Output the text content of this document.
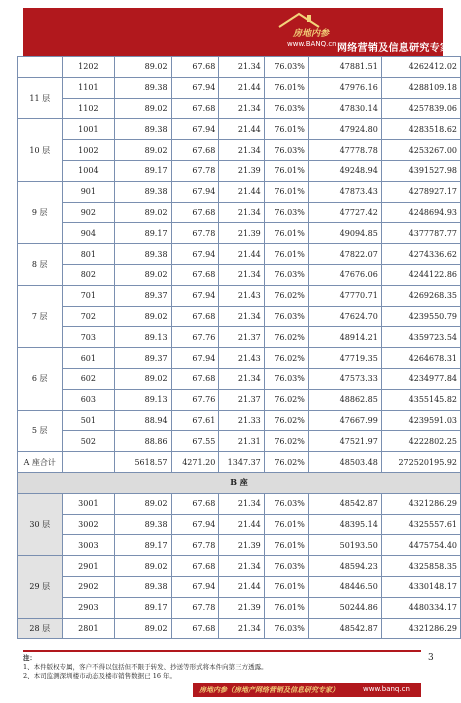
房地内参
www.BANQ.cn 网络营销及信息研究专家
	1202	89.02	67.68	21.34	76.03%	47881.51	4262412.02
11 层	1101	89.38	67.94	21.44	76.01%	47976.16	4288109.18
	1102	89.02	67.68	21.34	76.03%	47830.14	4257839.06
10 层	1001	89.38	67.94	21.44	76.01%	47924.80	4283518.62
	1002	89.02	67.68	21.34	76.03%	47778.78	4253267.00
	1004	89.17	67.78	21.39	76.01%	49248.94	4391527.98
9 层	901	89.38	67.94	21.44	76.01%	47873.43	4278927.17
	902	89.02	67.68	21.34	76.03%	47727.42	4248694.93
	904	89.17	67.78	21.39	76.01%	49094.85	4377787.77
8 层	801	89.38	67.94	21.44	76.01%	47822.07	4274336.62
	802	89.02	67.68	21.34	76.03%	47676.06	4244122.86
7 层	701	89.37	67.94	21.43	76.02%	47770.71	4269268.35
	702	89.02	67.68	21.34	76.03%	47624.70	4239550.79
	703	89.13	67.76	21.37	76.02%	48914.21	4359723.54
6 层	601	89.37	67.94	21.43	76.02%	47719.35	4264678.31
	602	89.02	67.68	21.34	76.03%	47573.33	4234977.84
	603	89.13	67.76	21.37	76.02%	48862.85	4355145.82
5 层	501	88.94	67.61	21.33	76.02%	47667.99	4239591.03
	502	88.86	67.55	21.31	76.02%	47521.97	4222802.25
A 座合计		5618.57	4271.20	1347.37	76.02%	48503.48	272520195.92
B 座							
30 层	3001	89.02	67.68	21.34	76.03%	48542.87	4321286.29
	3002	89.38	67.94	21.44	76.01%	48395.14	4325557.61
	3003	89.17	67.78	21.39	76.01%	50193.50	4475754.40
29 层	2901	89.02	67.68	21.34	76.03%	48594.23	4325858.35
	2902	89.38	67.94	21.44	76.01%	48446.50	4330148.17
	2903	89.17	67.78	21.39	76.01%	50244.86	4480334.17
28 层	2801	89.02	67.68	21.34	76.03%	48542.87	4321286.29
注：
1、本件版权专属，客户不得以包括但不限于转发、抄送等形式将本件向第三方透露。
2、本司监测深圳楼市动态及楼市销售数据已 16 年。
3
房地内参（房地产网络营销及信息研究专家）	www.banq.cn
